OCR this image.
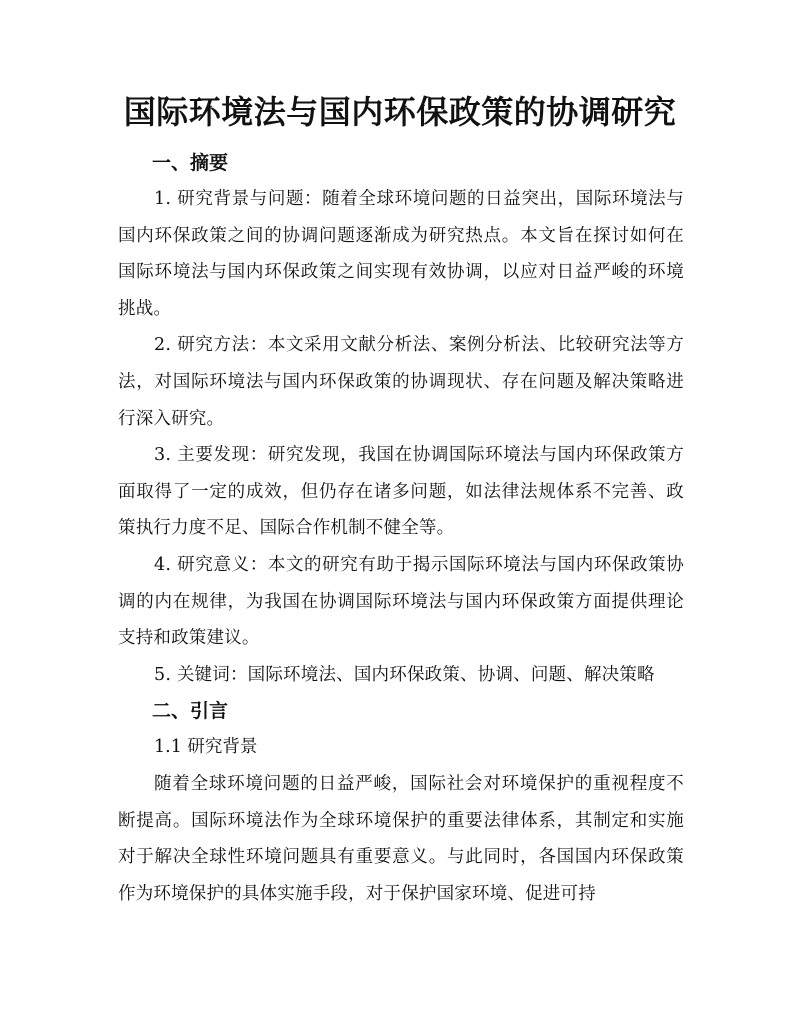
国际环境法与国内环保政策的协调研究
一、摘要

1. 研究背景与问题：随着全球环境问题的日益突出，国际环境法与国内环保政策之间的协调问题逐渐成为研究热点。本文旨在探讨如何在国际环境法与国内环保政策之间实现有效协调，以应对日益严峻的环境挑战。

2. 研究方法：本文采用文献分析法、案例分析法、比较研究法等方法，对国际环境法与国内环保政策的协调现状、存在问题及解决策略进行深入研究。

3. 主要发现：研究发现，我国在协调国际环境法与国内环保政策方面取得了一定的成效，但仍存在诸多问题，如法律法规体系不完善、政策执行力度不足、国际合作机制不健全等。

4. 研究意义：本文的研究有助于揭示国际环境法与国内环保政策协调的内在规律，为我国在协调国际环境法与国内环保政策方面提供理论支持和政策建议。

5. 关键词：国际环境法、国内环保政策、协调、问题、解决策略

二、引言
1.1 研究背景

随着全球环境问题的日益严峻，国际社会对环境保护的重视程度不断提高。国际环境法作为全球环境保护的重要法律体系，其制定和实施对于解决全球性环境问题具有重要意义。与此同时，各国国内环保政策作为环境保护的具体实施手段，对于保护国家环境、促进可持
